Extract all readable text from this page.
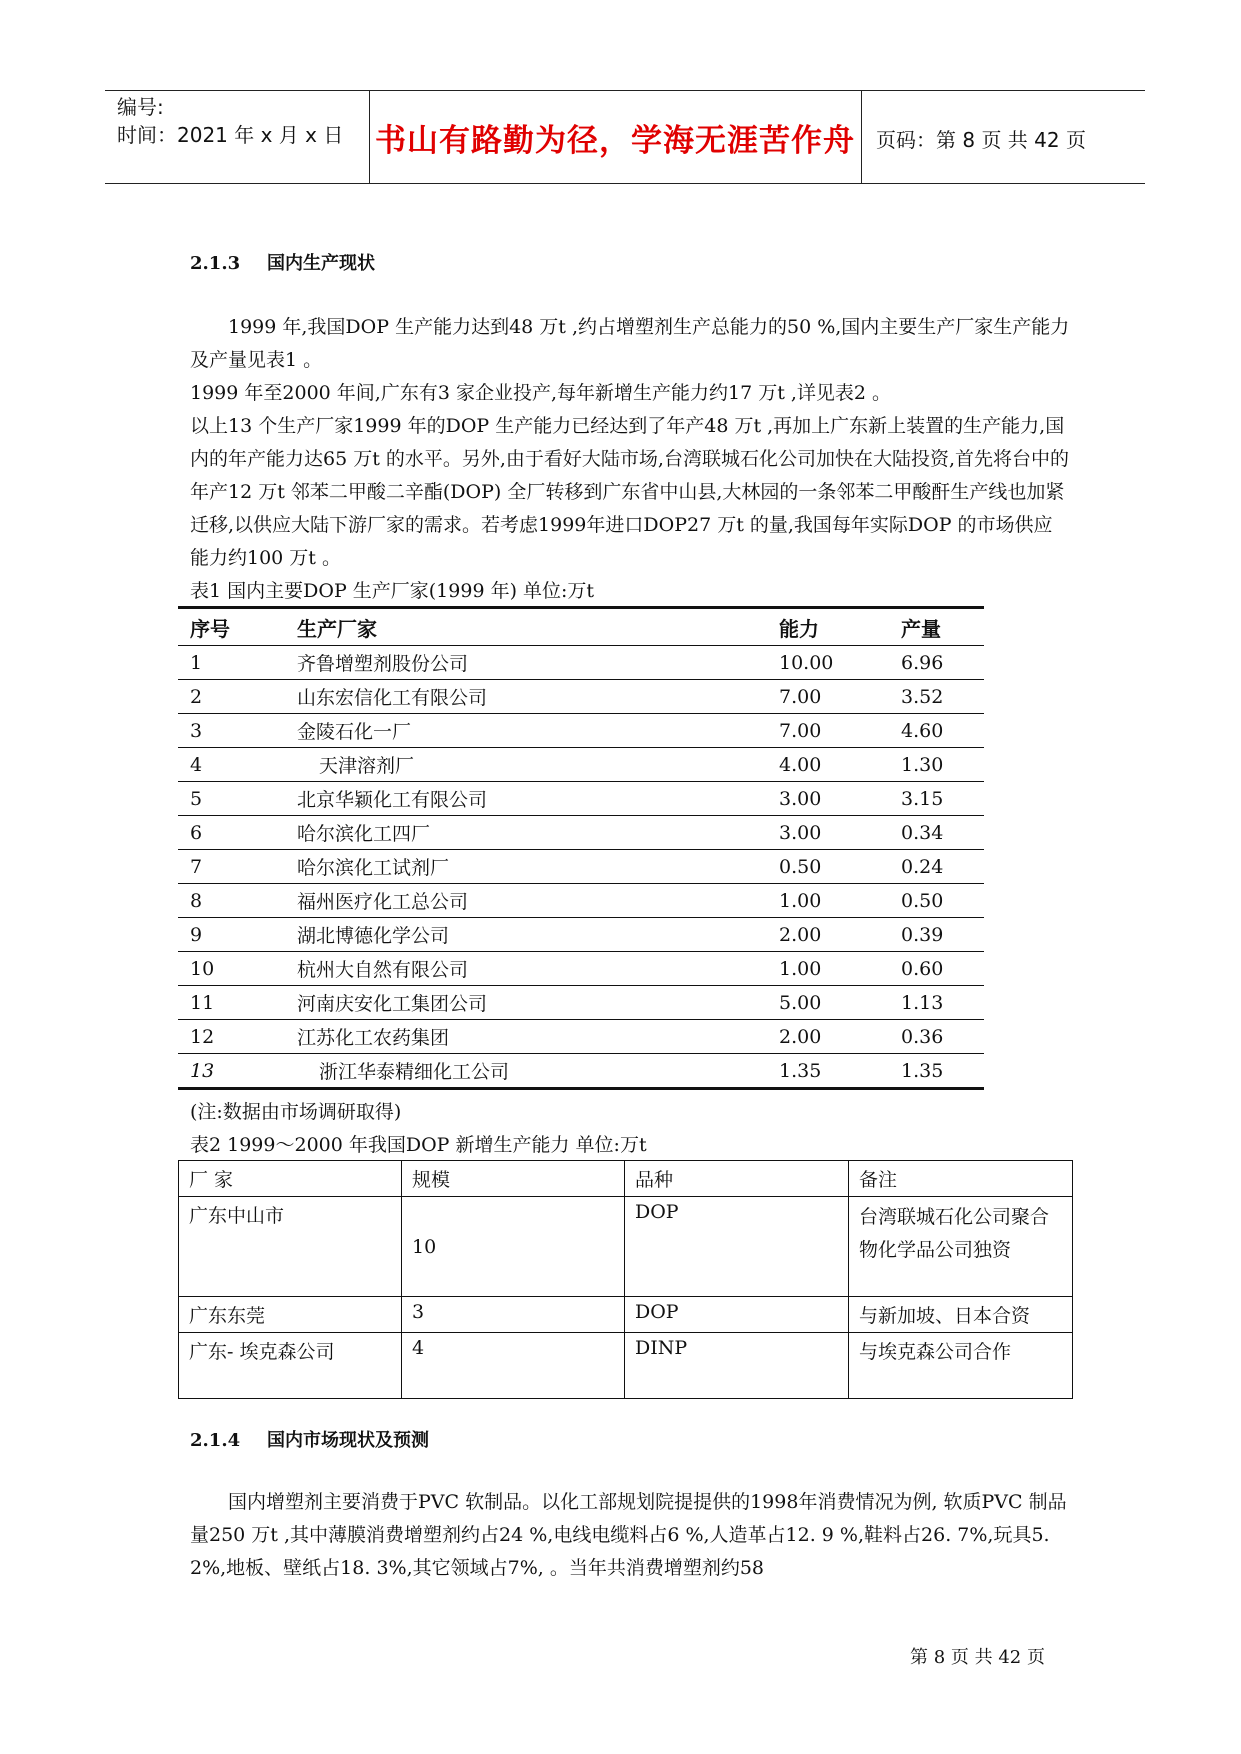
编号:
时间：2021 年 x 月 x 日 书山有路勤为径，学海无涯苦作舟	页码：第 8 页 共 42 页
2.1.3 国内生产现状

1999 年,我国DOP 生产能力达到48 万t ,约占增塑剂生产总能力的50 %,国内主要生产厂家生产能力及产量见表1 。

1999 年至2000 年间,广东有3 家企业投产,每年新增生产能力约17 万t ,详见表2 。

以上13 个生产厂家1999 年的DOP 生产能力已经达到了年产48 万t ,再加上广东新上装置的生产能力,国内的年产能力达65 万t 的水平。另外,由于看好大陆市场,台湾联城石化公司加快在大陆投资,首先将台中的年产12 万t 邻苯二甲酸二辛酯(DOP) 全厂转移到广东省中山县,大林园的一条邻苯二甲酸酐生产线也加紧迁移,以供应大陆下游厂家的需求。若考虑1999年进口DOP27 万t 的量,我国每年实际DOP 的市场供应能力约100 万t 。

表1 国内主要DOP 生产厂家(1999 年) 单位:万t
序号	生产厂家	能力	产量
1	齐鲁增塑剂股份公司	10.00	6.96
2	山东宏信化工有限公司	7.00	3.52
3	金陵石化一厂	7.00	4.60
4	天津溶剂厂	4.00	1.30
5	北京华颖化工有限公司	3.00	3.15
6	哈尔滨化工四厂	3.00	0.34
7	哈尔滨化工试剂厂	0.50	0.24
8	福州医疗化工总公司	1.00	0.50
9	湖北博德化学公司	2.00	0.39
10	杭州大自然有限公司	1.00	0.60
11	河南庆安化工集团公司	5.00	1.13
12	江苏化工农药集团	2.00	0.36
13	浙江华泰精细化工公司	1.35	1.35
(注:数据由市场调研取得)
表2 1999～2000 年我国DOP 新增生产能力 单位:万t
厂 家	规模	品种	备注
广东中山市	10	DOP	台湾联城石化公司聚合物化学品公司独资
广东东莞	3	DOP	与新加坡、日本合资
广东- 埃克森公司	4	DINP	与埃克森公司合作
2.1.4 国内市场现状及预测

国内增塑剂主要消费于PVC 软制品。以化工部规划院提提供的1998年消费情况为例, 软质PVC 制品量250 万t ,其中薄膜消费增塑剂约占24 %,电线电缆料占6 %,人造革占12. 9 %,鞋料占26. 7%,玩具5. 2%,地板、壁纸占18. 3%,其它领域占7%, 。当年共消费增塑剂约58

第 8 页 共 42 页
